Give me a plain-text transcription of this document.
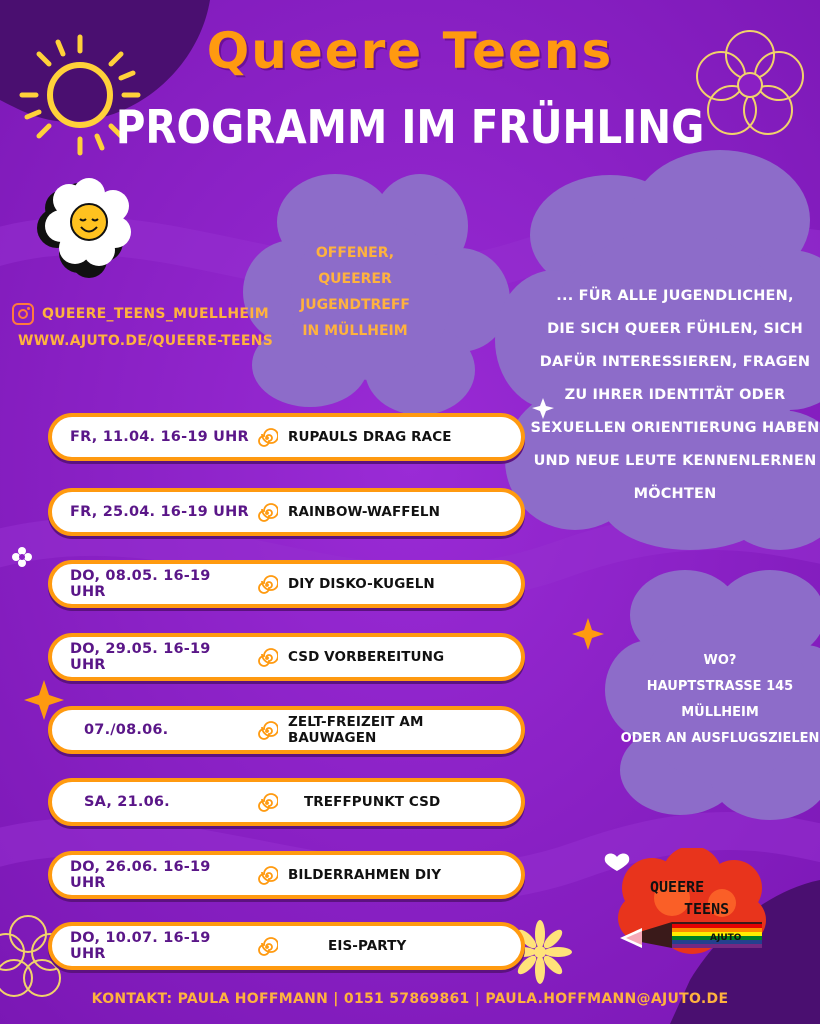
Queere Teens
PROGRAMM IM FRÜHLING
QUEERE_TEENS_MUELLHEIM
WWW.AJUTO.DE/QUEERE-TEENS
OFFENER,
QUEERER
JUGENDTREFF
IN MÜLLHEIM
... FÜR ALLE JUGENDLICHEN,
DIE SICH QUEER FÜHLEN, SICH
DAFÜR INTERESSIEREN, FRAGEN
ZU IHRER IDENTITÄT ODER
SEXUELLEN ORIENTIERUNG HABEN
UND NEUE LEUTE KENNENLERNEN
MÖCHTEN
WO?
HAUPTSTRASSE 145
MÜLLHEIM
ODER AN AUSFLUGSZIELEN
FR, 11.04. 16-19 UHR	RUPAULS DRAG RACE
FR, 25.04. 16-19 UHR	RAINBOW-WAFFELN
DO, 08.05. 16-19 UHR	DIY DISKO-KUGELN
DO, 29.05. 16-19 UHR	CSD VORBEREITUNG
07./08.06.	ZELT-FREIZEIT AM BAUWAGEN
SA, 21.06.	TREFFPUNKT CSD
DO, 26.06. 16-19 UHR	BILDERRAHMEN DIY
DO, 10.07. 16-19 UHR	EIS-PARTY
QUEERE
TEENS
AJUTO
KONTAKT: PAULA HOFFMANN | 0151 57869861 | PAULA.HOFFMANN@AJUTO.DE
